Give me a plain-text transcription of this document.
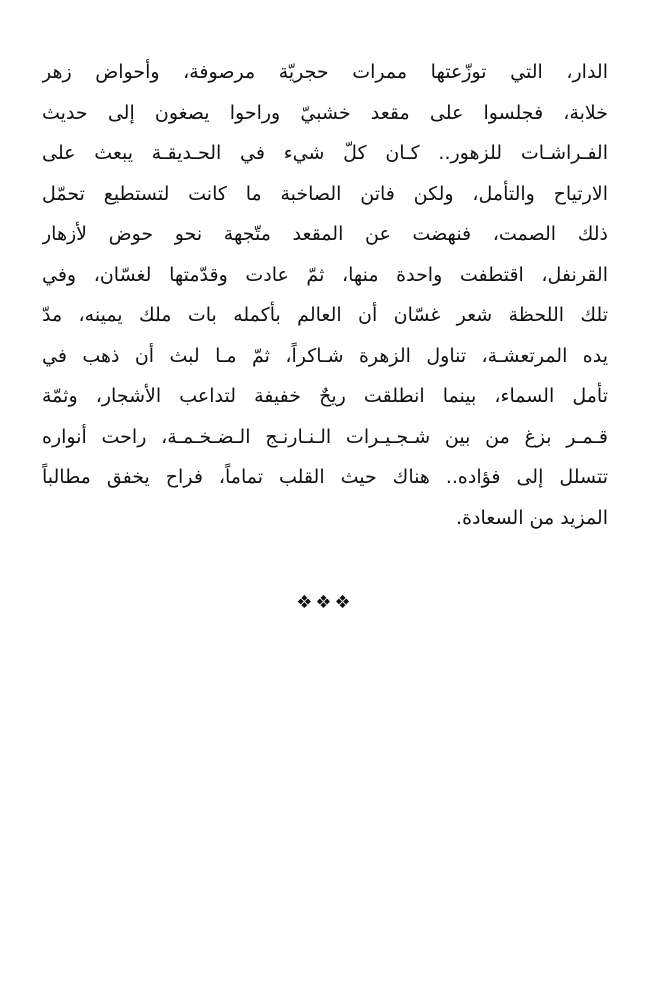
الدار، التي توزّعتها ممرات حجريّة مرصوفة، وأحواض زهر
خلابة، فجلسوا على مقعد خشبيّ وراحوا يصغون إلى حديث
الفـراشـات للزهور.. كـان كلّ شيء في الحـديقـة يبعث على
الارتياح والتأمل، ولكن فاتن الصاخبة ما كانت لتستطيع تحمّل
ذلك الصمت، فنهضت عن المقعد متّجهة نحو حوض لأزهار
القرنفل، اقتطفت واحدة منها، ثمّ عادت وقدّمتها لغسّان، وفي
تلك اللحظة شعر غسّان أن العالم بأكمله بات ملك يمينه، مدّ
يده المرتعشـة، تناول الزهرة شـاكراً، ثمّ مـا لبث أن ذهب في
تأمل السماء، بينما انطلقت ريحٌ خفيفة لتداعب الأشجار، وثمّة
قـمـر بزغ من بين شـجـيـرات الـنـارنـج الـضـخـمـة، راحت أنواره
تتسلل إلى فؤاده.. هناك حيث القلب تماماً، فراح يخفق مطالباً
المزيد من السعادة.
❖❖❖
